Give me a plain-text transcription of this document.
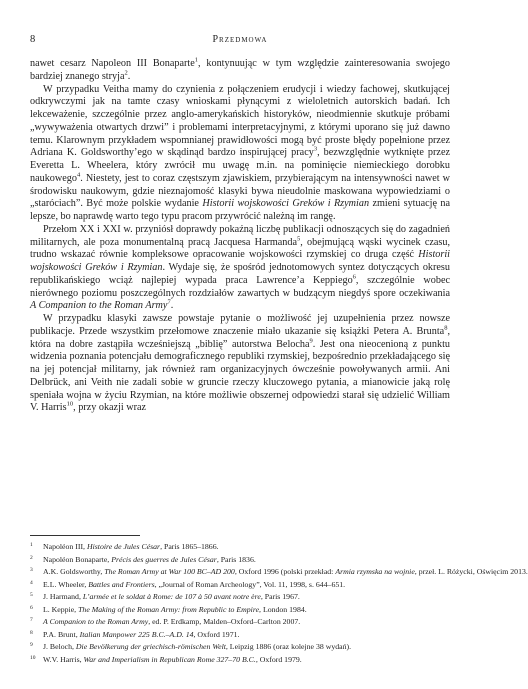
8	Przedmowa

nawet cesarz Napoleon III Bonaparte$^1$, kontynuując w tym względzie zainteresowania swojego bardziej znanego stryja$^2$.

W przypadku Veitha mamy do czynienia z połączeniem erudycji i wiedzy fachowej, skutkującej odkrywczymi jak na tamte czasy wnioskami płynącymi z wieloletnich autorskich badań. Ich lekceważenie, szczególnie przez anglo-amerykańskich historyków, nieodmiennie skutkuje próbami „wywyważenia otwartych drzwi” i problemami interpretacyjnymi, z którymi uporano się już dawno temu. Klarownym przykładem wspomnianej prawidłowości mogą być proste błędy popełnione przez Adriana K. Goldsworthy’ego w skądinąd bardzo inspirującej pracy$^3$, bezwzględnie wytknięte przez Everetta L. Wheelera, który zwrócił mu uwagę m.in. na pominięcie niemieckiego dorobku naukowego$^4$. Niestety, jest to coraz częstszym zjawiskiem, przybierającym na intensywności nawet w środowisku naukowym, gdzie nieznajomość klasyki bywa nieudolnie maskowana wypowiedziami o „staróciach”. Być może polskie wydanie Historii wojskowości Greków i Rzymian zmieni sytuację na lepsze, bo naprawdę warto tego typu pracom przywrócić należną im rangę.

Przełom XX i XXI w. przyniósł doprawdy pokaźną liczbę publikacji odnoszących się do zagadnień militarnych, ale poza monumentalną pracą Jacquesa Harmanda$^5$, obejmującą wąski wycinek czasu, trudno wskazać równie kompleksowe opracowanie wojskowości rzymskiej co druga część Historii wojskowości Greków i Rzymian. Wydaje się, że spośród jednotomowych syntez dotyczących okresu republikańskiego wciąż najlepiej wypada praca Lawrence’a Keppiego$^6$, szczególnie wobec nierównego poziomu poszczególnych rozdziałów zawartych w budzącym niegdyś spore oczekiwania A Companion to the Roman Army$^7$.

W przypadku klasyki zawsze powstaje pytanie o możliwość jej uzupełnienia przez nowsze publikacje. Przede wszystkim przełomowe znaczenie miało ukazanie się książki Petera A. Brunta$^8$, która na dobre zastąpiła wcześniejszą „biblię” autorstwa Belocha$^9$. Jest ona nieocenioną z punktu widzenia poznania potencjału demograficznego republiki rzymskiej, bezpośrednio przekładającego się na jej potencjał militarny, jak również ram organizacyjnych ówcześnie powoływanych armii. Ani Delbrück, ani Veith nie zadali sobie w gruncie rzeczy kluczowego pytania, a mianowicie jaką rolę speniała wojna w życiu Rzymian, na które możliwie obszernej odpowiedzi starał się udzielić William V. Harris$^{10}$, przy okazji wraz

1	Napoléon III, Histoire de Jules César, Paris 1865–1866.
2	Napoléon Bonaparte, Précis des guerres de Jules César, Paris 1836.
3	A.K. Goldsworthy, The Roman Army at War 100 BC–AD 200, Oxford 1996 (polski przekład: Armia rzymska na wojnie, przeł. L. Różycki, Oświęcim 2013.
4	E.L. Wheeler, Battles and Frontiers, „Journal of Roman Archeology”, Vol. 11, 1998, s. 644–651.
5	J. Harmand, L’armée et le soldat à Rome: de 107 à 50 avant notre ère, Paris 1967.
6	L. Keppie, The Making of the Roman Army: from Republic to Empire, London 1984.
7	A Companion to the Roman Army, ed. P. Erdkamp, Malden–Oxford–Carlton 2007.
8	P.A. Brunt, Italian Manpower 225 B.C.–A.D. 14, Oxford 1971.
9	J. Beloch, Die Bevölkerung der griechisch-römischen Welt, Leipzig 1886 (oraz kolejne 38 wydań).
10 W.V. Harris, War and Imperialism in Republican Rome 327–70 B.C., Oxford 1979.
